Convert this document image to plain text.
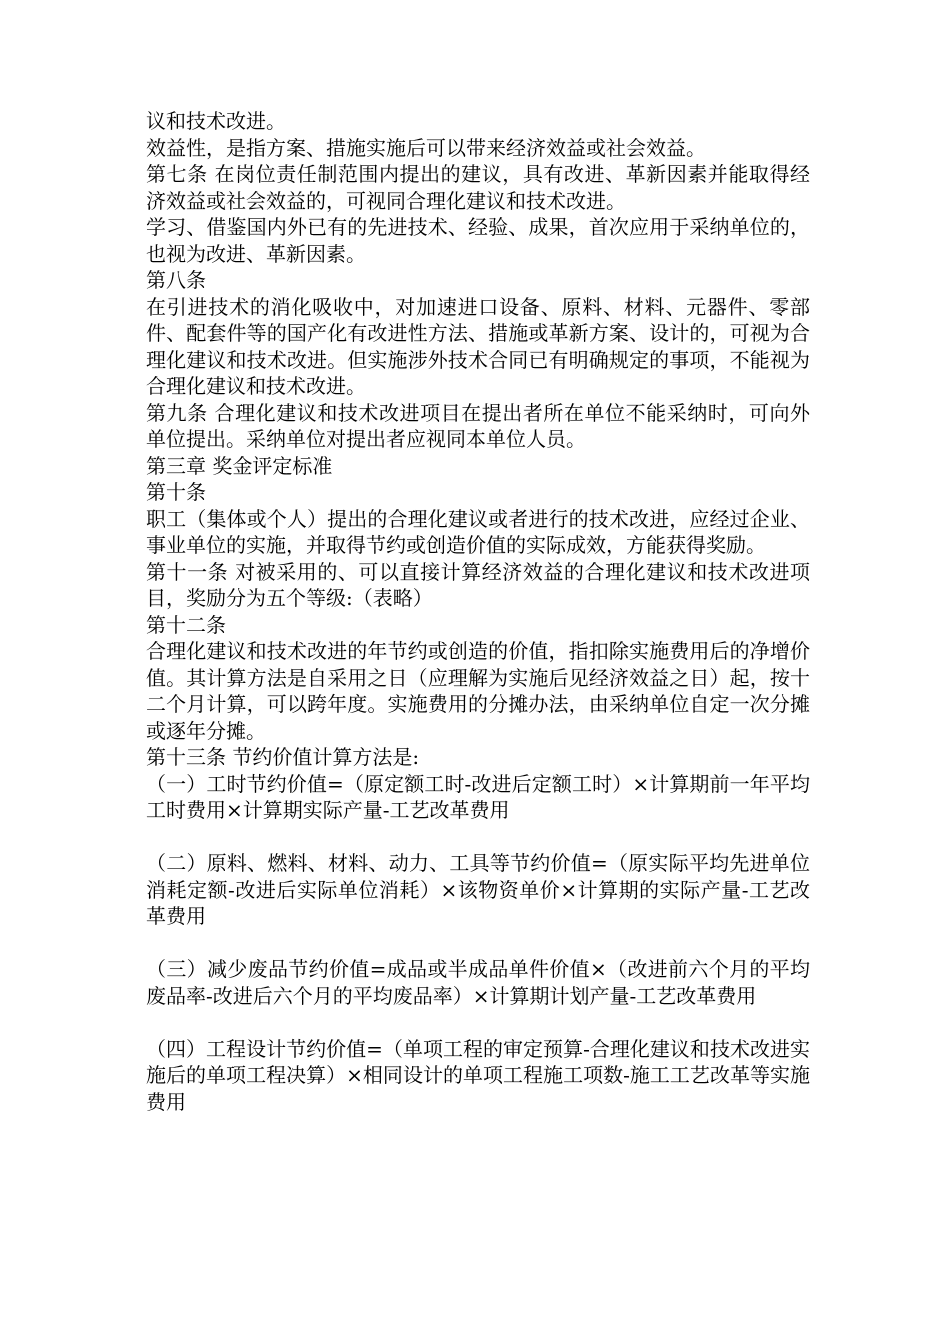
议和技术改进。

效益性，是指方案、措施实施后可以带来经济效益或社会效益。

第七条 在岗位责任制范围内提出的建议，具有改进、革新因素并能取得经济效益或社会效益的，可视同合理化建议和技术改进。

学习、借鉴国内外已有的先进技术、经验、成果，首次应用于采纳单位的，也视为改进、革新因素。

第八条

在引进技术的消化吸收中，对加速进口设备、原料、材料、元器件、零部件、配套件等的国产化有改进性方法、措施或革新方案、设计的，可视为合理化建议和技术改进。但实施涉外技术合同已有明确规定的事项，不能视为合理化建议和技术改进。

第九条 合理化建议和技术改进项目在提出者所在单位不能采纳时，可向外单位提出。采纳单位对提出者应视同本单位人员。

第三章 奖金评定标准

第十条

职工（集体或个人）提出的合理化建议或者进行的技术改进，应经过企业、事业单位的实施，并取得节约或创造价值的实际成效，方能获得奖励。

第十一条 对被采用的、可以直接计算经济效益的合理化建议和技术改进项目，奖励分为五个等级:（表略）

第十二条

合理化建议和技术改进的年节约或创造的价值，指扣除实施费用后的净增价值。其计算方法是自采用之日（应理解为实施后见经济效益之日）起，按十二个月计算，可以跨年度。实施费用的分摊办法，由采纳单位自定一次分摊或逐年分摊。

第十三条 节约价值计算方法是:

（一）工时节约价值=（原定额工时-改进后定额工时）×计算期前一年平均工时费用×计算期实际产量-工艺改革费用

（二）原料、燃料、材料、动力、工具等节约价值=（原实际平均先进单位消耗定额-改进后实际单位消耗）×该物资单价×计算期的实际产量-工艺改革费用

（三）减少废品节约价值=成品或半成品单件价值×（改进前六个月的平均废品率-改进后六个月的平均废品率）×计算期计划产量-工艺改革费用

（四）工程设计节约价值=（单项工程的审定预算-合理化建议和技术改进实施后的单项工程决算）×相同设计的单项工程施工项数-施工工艺改革等实施费用
